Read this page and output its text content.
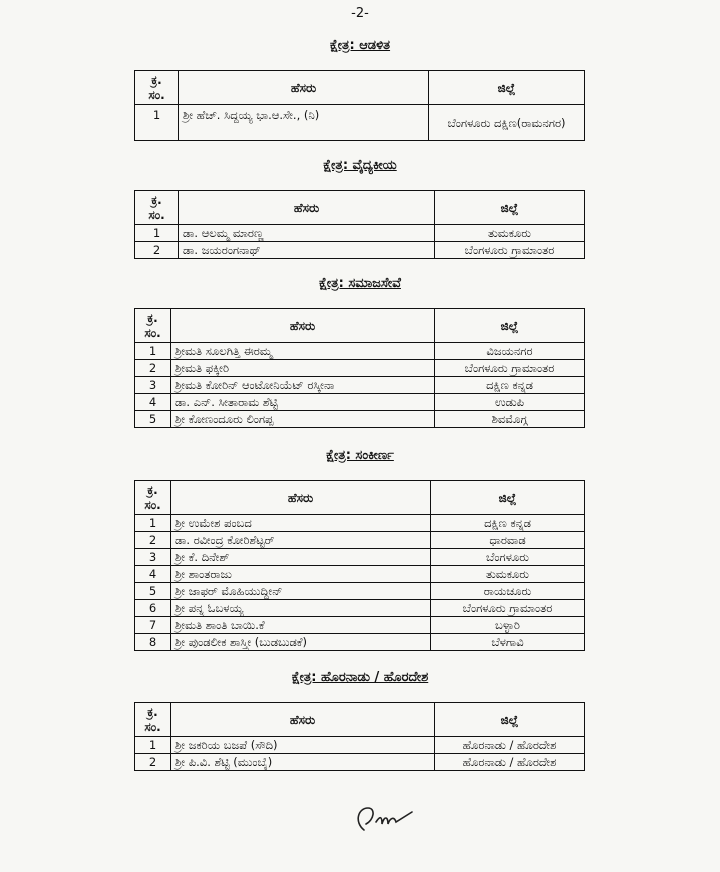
-2-
ಕ್ಷೇತ್ರ: ಆಡಳಿತ
ಕ್ರ.
ಸಂ.	ಹೆಸರು	ಜಿಲ್ಲೆ
1	ಶ್ರೀ ಹೆಚ್. ಸಿದ್ದಯ್ಯ ಭಾ.ಆ.ಸೇ., (ನಿ)	ಬೆಂಗಳೂರು ದಕ್ಷಿಣ(ರಾಮನಗರ)
ಕ್ಷೇತ್ರ: ವೈದ್ಯಕೀಯ
ಕ್ರ.
ಸಂ.	ಹೆಸರು	ಜಿಲ್ಲೆ
1	ಡಾ. ಆಲಮ್ಮ ಮಾರಣ್ಣ	ತುಮಕೂರು
2	ಡಾ. ಜಯರಂಗನಾಥ್	ಬೆಂಗಳೂರು ಗ್ರಾಮಾಂತರ
ಕ್ಷೇತ್ರ: ಸಮಾಜಸೇವೆ
ಕ್ರ.
ಸಂ.	ಹೆಸರು	ಜಿಲ್ಲೆ
1	ಶ್ರೀಮತಿ ಸೂಲಗಿತ್ತಿ ಈರಮ್ಮ	ವಿಜಯನಗರ
2	ಶ್ರೀಮತಿ ಫಕ್ಕೀರಿ	ಬೆಂಗಳೂರು ಗ್ರಾಮಾಂತರ
3	ಶ್ರೀಮತಿ ಕೋರಿನ್ ಆಂಟೋನಿಯೆಟ್ ರಸ್ಕೀನಾ	ದಕ್ಷಿಣ ಕನ್ನಡ
4	ಡಾ. ಎನ್. ಸೀತಾರಾಮ ಶೆಟ್ಟಿ	ಉಡುಪಿ
5	ಶ್ರೀ ಕೋಣಂದೂರು ಲಿಂಗಪ್ಪ	ಶಿವಮೊಗ್ಗ
ಕ್ಷೇತ್ರ: ಸಂಕೀರ್ಣ
ಕ್ರ.
ಸಂ.	ಹೆಸರು	ಜಿಲ್ಲೆ
1	ಶ್ರೀ ಉಮೇಶ ಪಂಬದ	ದಕ್ಷಿಣ ಕನ್ನಡ
2	ಡಾ. ರವೀಂದ್ರ ಕೋರಿಶೆಟ್ಟರ್	ಧಾರವಾಡ
3	ಶ್ರೀ ಕೆ. ದಿನೇಶ್	ಬೆಂಗಳೂರು
4	ಶ್ರೀ ಶಾಂತರಾಜು	ತುಮಕೂರು
5	ಶ್ರೀ ಜಾಫರ್ ಮೊಹಿಯುದ್ದೀನ್	ರಾಯಚೂರು
6	ಶ್ರೀ ಪನ್ನ ಓಬಳಯ್ಯ	ಬೆಂಗಳೂರು ಗ್ರಾಮಾಂತರ
7	ಶ್ರೀಮತಿ ಶಾಂತಿ ಬಾಯಿ.ಕೆ	ಬಳ್ಳಾರಿ
8	ಶ್ರೀ ಪುಂಡಲೀಕ ಶಾಸ್ತ್ರೀ (ಬುಡಬುಡಕೆ)	ಬೆಳಗಾವಿ
ಕ್ಷೇತ್ರ: ಹೊರನಾಡು / ಹೊರದೇಶ
ಕ್ರ.
ಸಂ.	ಹೆಸರು	ಜಿಲ್ಲೆ
1	ಶ್ರೀ ಜಕರಿಯ ಬಜಪೆ (ಸೌದಿ)	ಹೊರನಾಡು / ಹೊರದೇಶ
2	ಶ್ರೀ ಪಿ.ವಿ. ಶೆಟ್ಟಿ (ಮುಂಬೈ)	ಹೊರನಾಡು / ಹೊರದೇಶ
